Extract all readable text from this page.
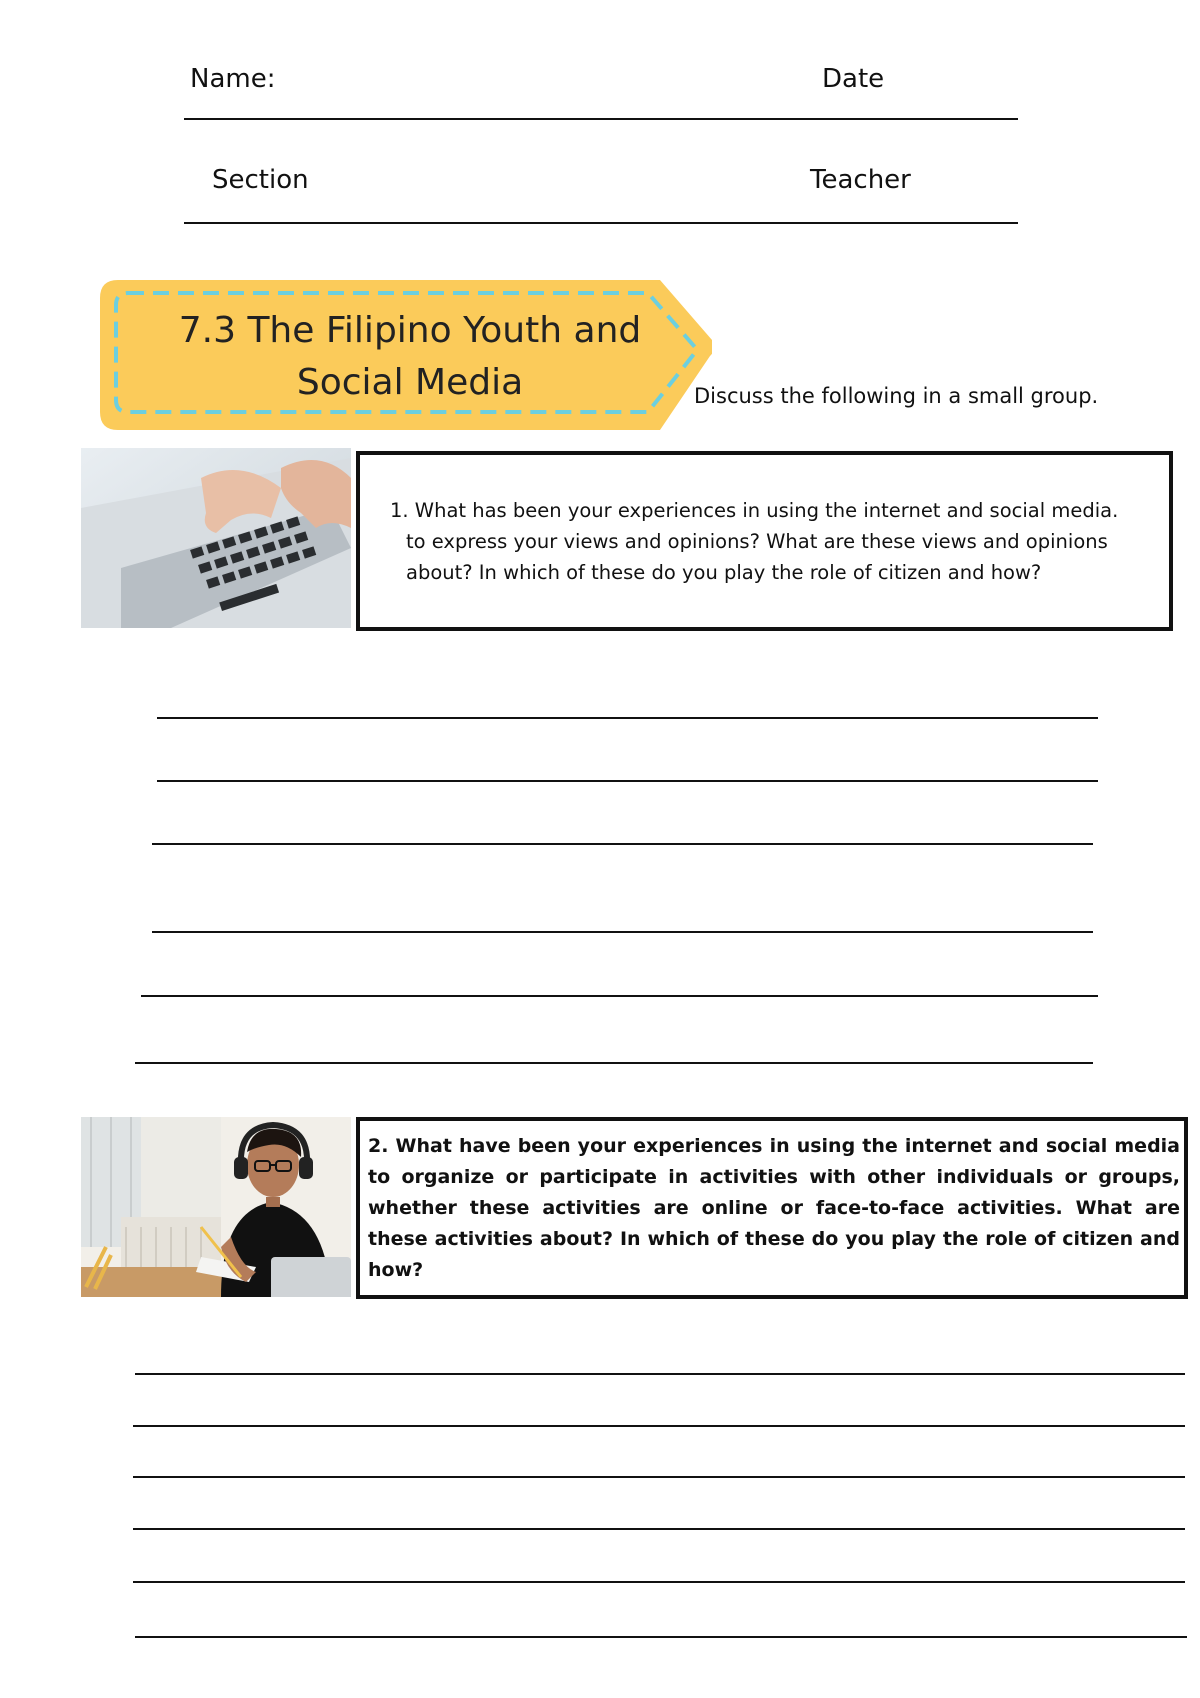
Name:	Date
Section	Teacher
7.3 The Filipino Youth and
Social Media	Discuss the following in a small group.
1. What has been your experiences in using the internet and social media.
to express your views and opinions? What are these views and opinions
about? In which of these do you play the role of citizen and how?
2. What have been your experiences in using the internet and social media to organize or participate in activities with other individuals or groups, whether these activities are online or face-to-face activities. What are these activities about? In which of these do you play the role of citizen and how?
